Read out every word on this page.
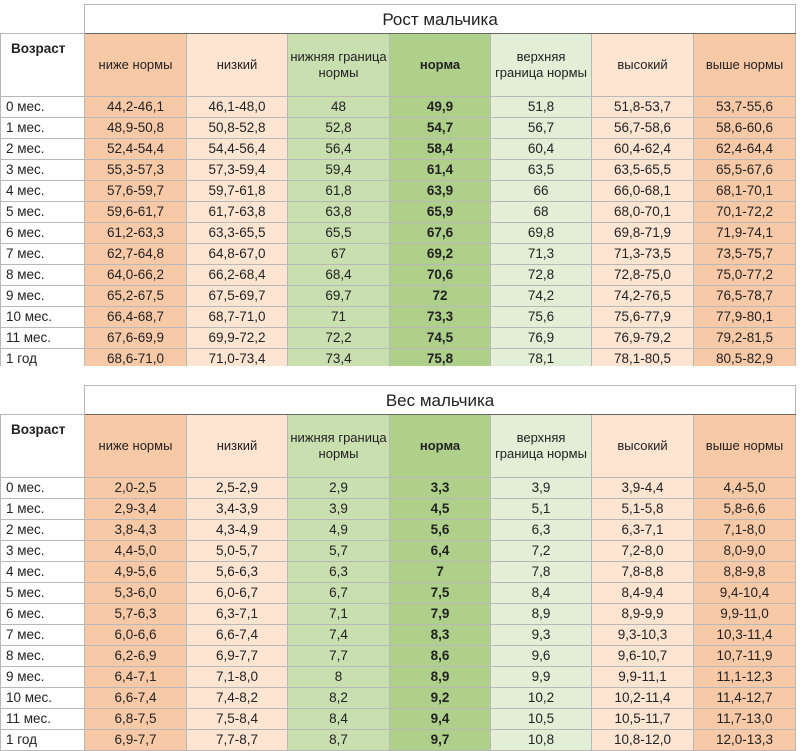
	Рост мальчика						
Возраст	ниже нормы	низкий	нижняя граница нормы	норма	верхняя граница нормы	высокий	выше нормы
0 мес.	44,2-46,1	46,1-48,0	48	49,9	51,8	51,8-53,7	53,7-55,6
1 мес.	48,9-50,8	50,8-52,8	52,8	54,7	56,7	56,7-58,6	58,6-60,6
2 мес.	52,4-54,4	54,4-56,4	56,4	58,4	60,4	60,4-62,4	62,4-64,4
3 мес.	55,3-57,3	57,3-59,4	59,4	61,4	63,5	63,5-65,5	65,5-67,6
4 мес.	57,6-59,7	59,7-61,8	61,8	63,9	66	66,0-68,1	68,1-70,1
5 мес.	59,6-61,7	61,7-63,8	63,8	65,9	68	68,0-70,1	70,1-72,2
6 мес.	61,2-63,3	63,3-65,5	65,5	67,6	69,8	69,8-71,9	71,9-74,1
7 мес.	62,7-64,8	64,8-67,0	67	69,2	71,3	71,3-73,5	73,5-75,7
8 мес.	64,0-66,2	66,2-68,4	68,4	70,6	72,8	72,8-75,0	75,0-77,2
9 мес.	65,2-67,5	67,5-69,7	69,7	72	74,2	74,2-76,5	76,5-78,7
10 мес.	66,4-68,7	68,7-71,0	71	73,3	75,6	75,6-77,9	77,9-80,1
11 мес.	67,6-69,9	69,9-72,2	72,2	74,5	76,9	76,9-79,2	79,2-81,5
1 год	68,6-71,0	71,0-73,4	73,4	75,8	78,1	78,1-80,5	80,5-82,9
	Вес мальчика						
Возраст	ниже нормы	низкий	нижняя граница нормы	норма	верхняя граница нормы	высокий	выше нормы
0 мес.	2,0-2,5	2,5-2,9	2,9	3,3	3,9	3,9-4,4	4,4-5,0
1 мес.	2,9-3,4	3,4-3,9	3,9	4,5	5,1	5,1-5,8	5,8-6,6
2 мес.	3,8-4,3	4,3-4,9	4,9	5,6	6,3	6,3-7,1	7,1-8,0
3 мес.	4,4-5,0	5,0-5,7	5,7	6,4	7,2	7,2-8,0	8,0-9,0
4 мес.	4,9-5,6	5,6-6,3	6,3	7	7,8	7,8-8,8	8,8-9,8
5 мес.	5,3-6,0	6,0-6,7	6,7	7,5	8,4	8,4-9,4	9,4-10,4
6 мес.	5,7-6,3	6,3-7,1	7,1	7,9	8,9	8,9-9,9	9,9-11,0
7 мес.	6,0-6,6	6,6-7,4	7,4	8,3	9,3	9,3-10,3	10,3-11,4
8 мес.	6,2-6,9	6,9-7,7	7,7	8,6	9,6	9,6-10,7	10,7-11,9
9 мес.	6,4-7,1	7,1-8,0	8	8,9	9,9	9,9-11,1	11,1-12,3
10 мес.	6,6-7,4	7,4-8,2	8,2	9,2	10,2	10,2-11,4	11,4-12,7
11 мес.	6,8-7,5	7,5-8,4	8,4	9,4	10,5	10,5-11,7	11,7-13,0
1 год	6,9-7,7	7,7-8,7	8,7	9,7	10,8	10,8-12,0	12,0-13,3
